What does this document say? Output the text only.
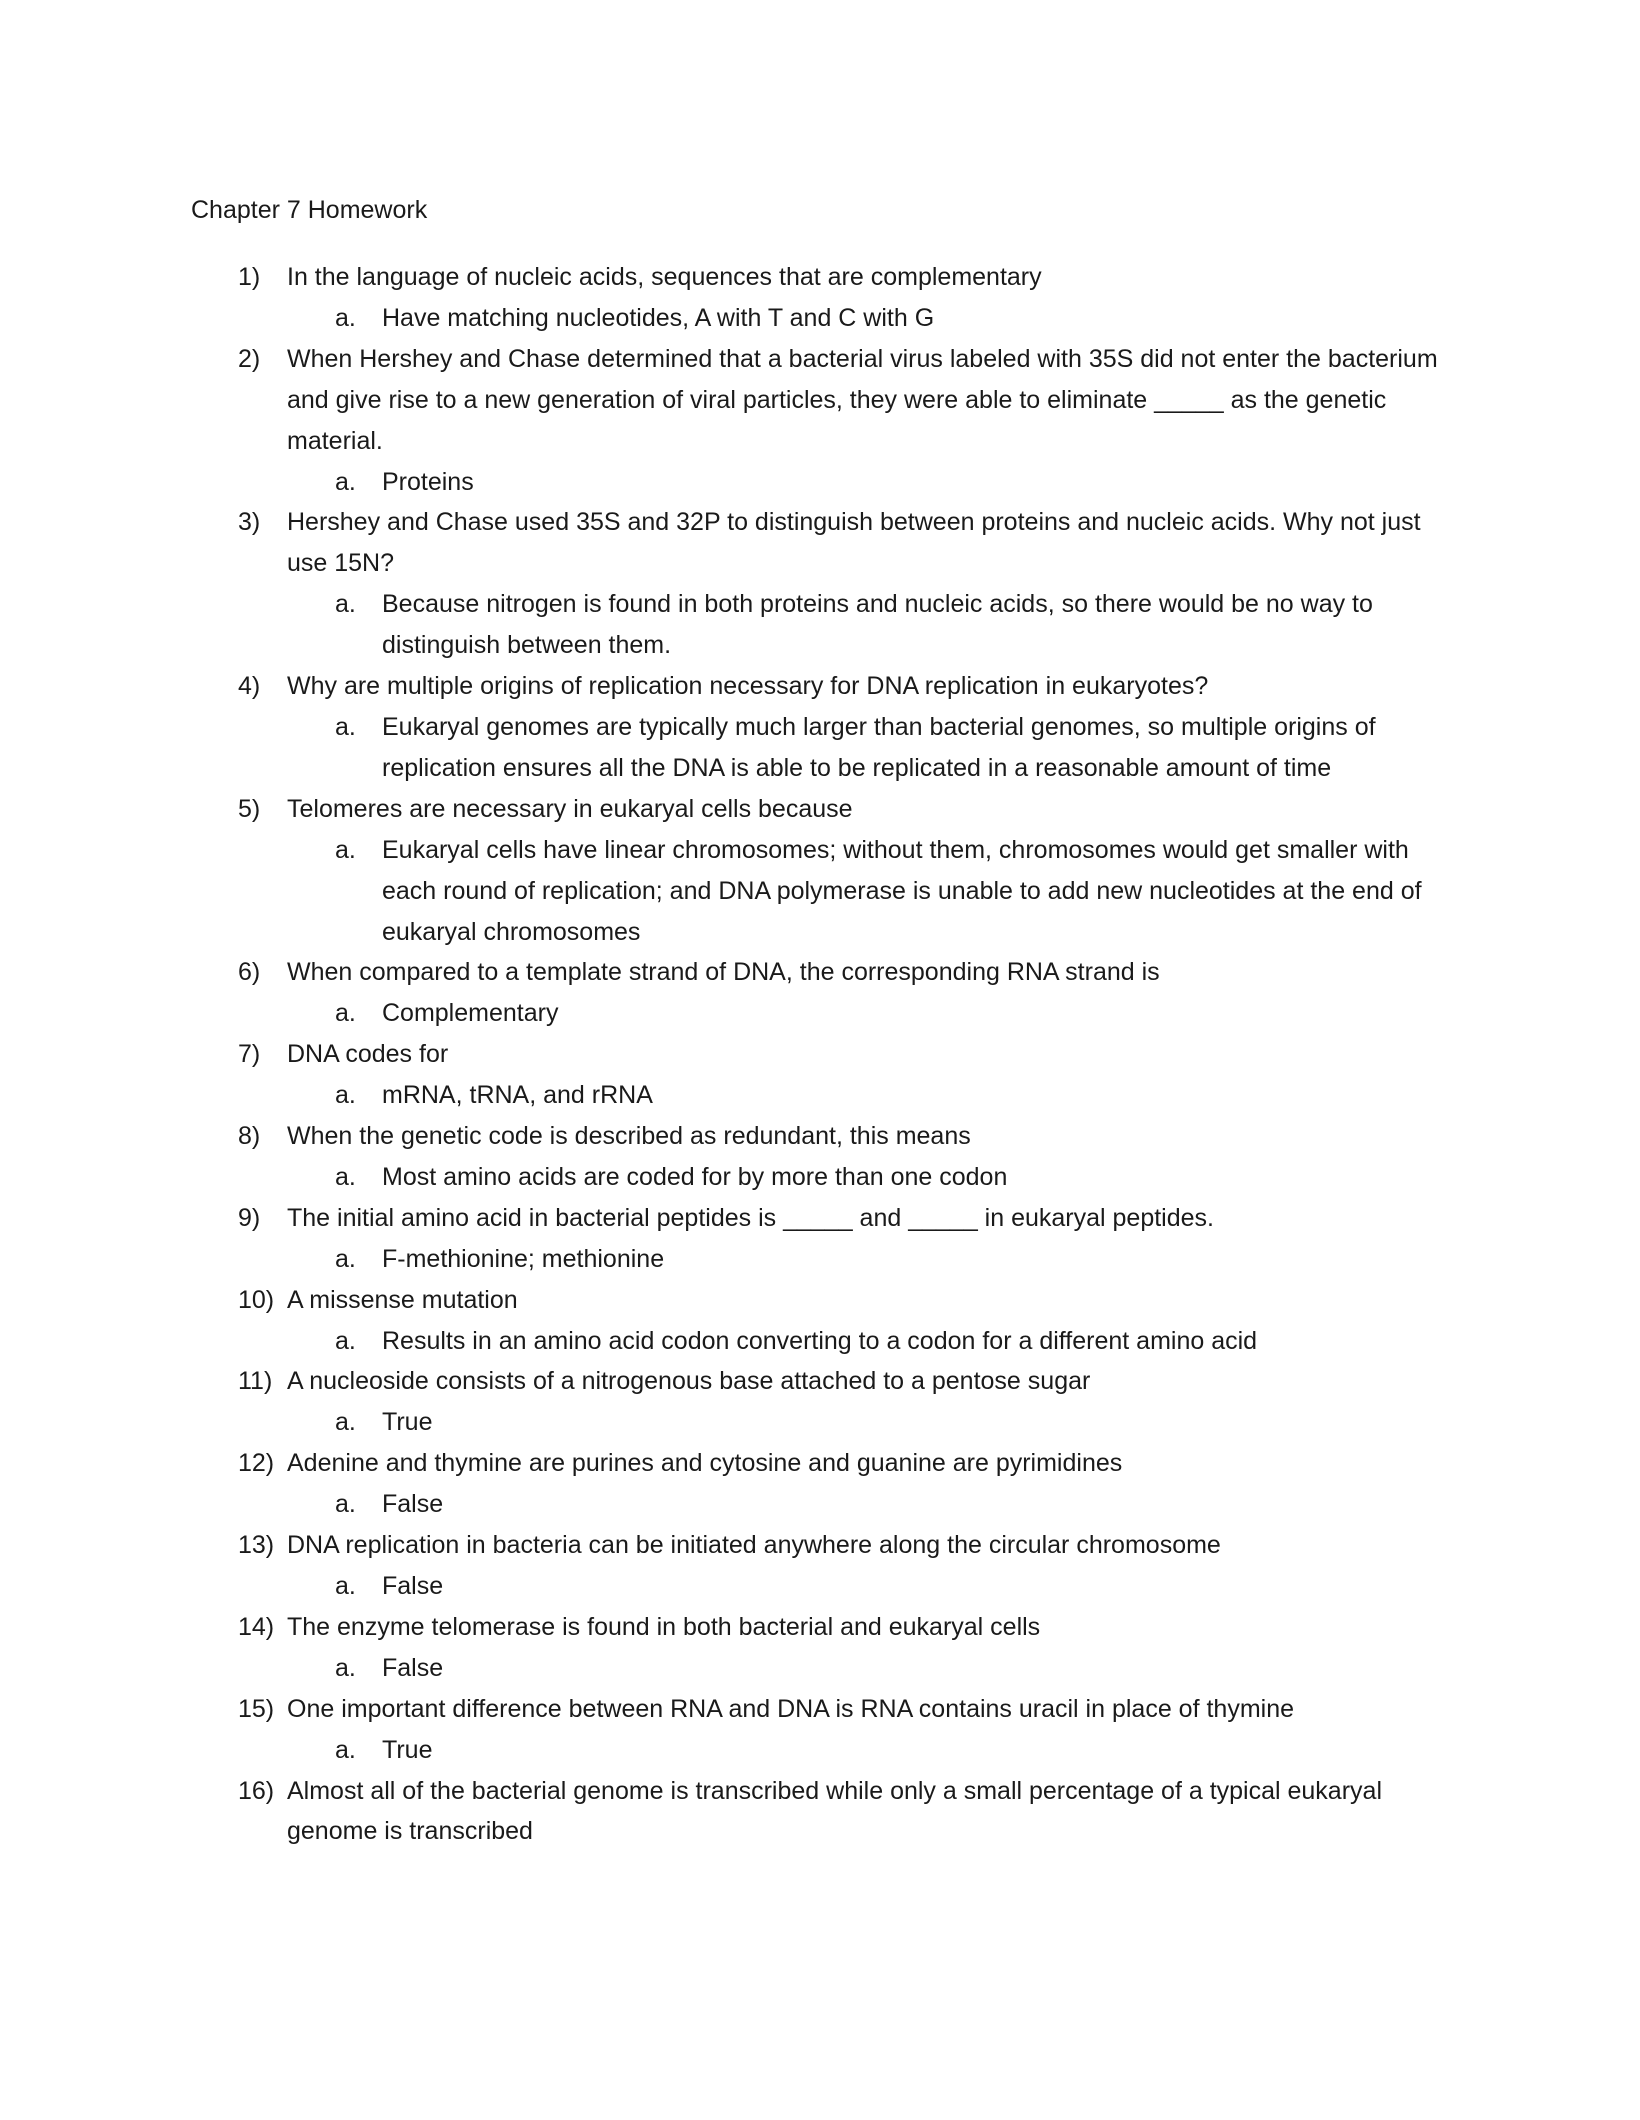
Chapter 7 Homework
1) In the language of nucleic acids, sequences that are complementary
a. Have matching nucleotides, A with T and C with G
2) When Hershey and Chase determined that a bacterial virus labeled with 35S did not enter the bacterium and give rise to a new generation of viral particles, they were able to eliminate _____ as the genetic material.
a. Proteins
3) Hershey and Chase used 35S and 32P to distinguish between proteins and nucleic acids. Why not just use 15N?
a. Because nitrogen is found in both proteins and nucleic acids, so there would be no way to distinguish between them.
4) Why are multiple origins of replication necessary for DNA replication in eukaryotes?
a. Eukaryal genomes are typically much larger than bacterial genomes, so multiple origins of replication ensures all the DNA is able to be replicated in a reasonable amount of time
5) Telomeres are necessary in eukaryal cells because
a. Eukaryal cells have linear chromosomes; without them, chromosomes would get smaller with each round of replication; and DNA polymerase is unable to add new nucleotides at the end of eukaryal chromosomes
6) When compared to a template strand of DNA, the corresponding RNA strand is
a. Complementary
7) DNA codes for
a. mRNA, tRNA, and rRNA
8) When the genetic code is described as redundant, this means
a. Most amino acids are coded for by more than one codon
9) The initial amino acid in bacterial peptides is _____ and _____ in eukaryal peptides.
a. F-methionine; methionine
10) A missense mutation
a. Results in an amino acid codon converting to a codon for a different amino acid
11) A nucleoside consists of a nitrogenous base attached to a pentose sugar
a. True
12) Adenine and thymine are purines and cytosine and guanine are pyrimidines
a. False
13) DNA replication in bacteria can be initiated anywhere along the circular chromosome
a. False
14) The enzyme telomerase is found in both bacterial and eukaryal cells
a. False
15) One important difference between RNA and DNA is RNA contains uracil in place of thymine
a. True
16) Almost all of the bacterial genome is transcribed while only a small percentage of a typical eukaryal genome is transcribed
